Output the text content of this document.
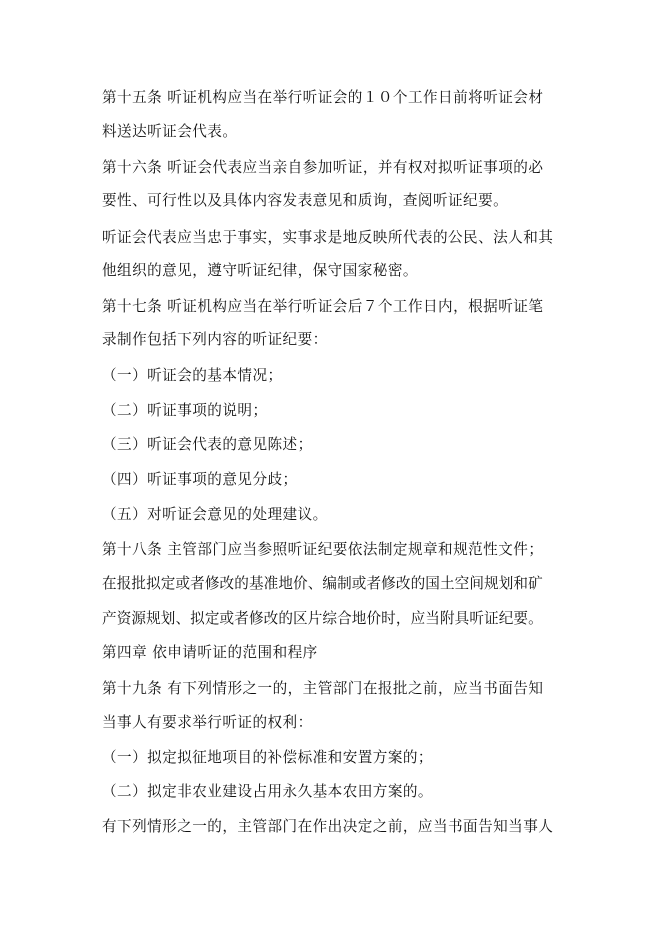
第十五条 听证机构应当在举行听证会的１０个工作日前将听证会材
料送达听证会代表。
第十六条 听证会代表应当亲自参加听证，并有权对拟听证事项的必
要性、可行性以及具体内容发表意见和质询，查阅听证纪要。
听证会代表应当忠于事实，实事求是地反映所代表的公民、法人和其
他组织的意见，遵守听证纪律，保守国家秘密。
第十七条 听证机构应当在举行听证会后７个工作日内，根据听证笔
录制作包括下列内容的听证纪要：
（一）听证会的基本情况；
（二）听证事项的说明；
（三）听证会代表的意见陈述；
（四）听证事项的意见分歧；
（五）对听证会意见的处理建议。
第十八条 主管部门应当参照听证纪要依法制定规章和规范性文件；
在报批拟定或者修改的基准地价、编制或者修改的国土空间规划和矿
产资源规划、拟定或者修改的区片综合地价时，应当附具听证纪要。
第四章 依申请听证的范围和程序
第十九条 有下列情形之一的，主管部门在报批之前，应当书面告知
当事人有要求举行听证的权利：
（一）拟定拟征地项目的补偿标准和安置方案的；
（二）拟定非农业建设占用永久基本农田方案的。
有下列情形之一的，主管部门在作出决定之前，应当书面告知当事人
